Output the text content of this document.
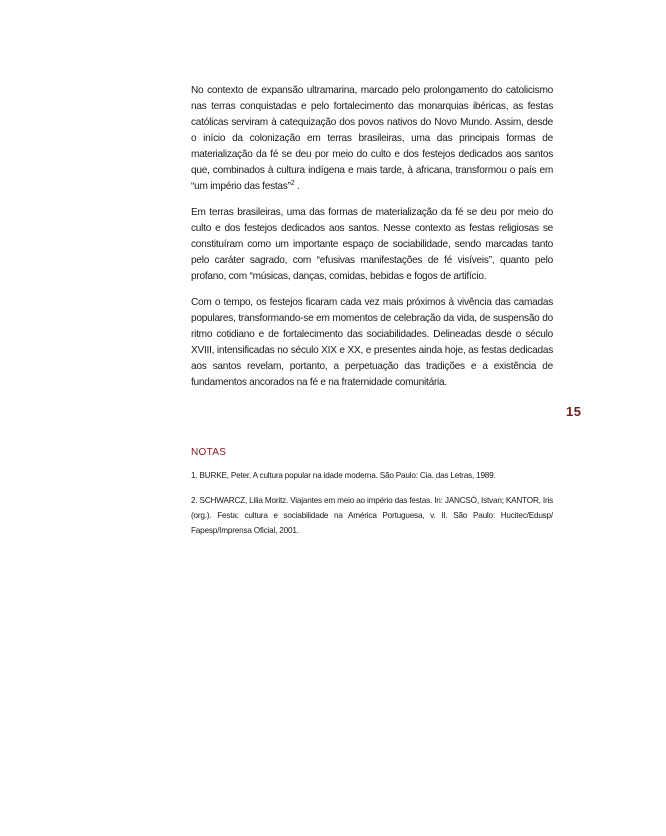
No contexto de expansão ultramarina, marcado pelo prolongamento do catolicismo nas terras conquistadas e pelo fortalecimento das monarquias ibéricas, as festas católicas serviram à catequização dos povos nativos do Novo Mundo. Assim, desde o início da colonização em terras brasileiras, uma das principais formas de materialização da fé se deu por meio do culto e dos festejos dedicados aos santos que, combinados à cultura indígena e mais tarde, à africana, transformou o país em “um império das festas”$^2$ .

Em terras brasileiras, uma das formas de materialização da fé se deu por meio do culto e dos festejos dedicados aos santos. Nesse contexto as festas religiosas se constituíram como um importante espaço de sociabilidade, sendo marcadas tanto pelo caráter sagrado, com “efusivas manifestações de fé visíveis”, quanto pelo profano, com “músicas, danças, comidas, bebidas e fogos de artifício.

Com o tempo, os festejos ficaram cada vez mais próximos à vivência das camadas populares, transformando-se em momentos de celebração da vida, de suspensão do ritmo cotidiano e de fortalecimento das sociabilidades. Delineadas desde o século XVIII, intensificadas no século XIX e XX, e presentes ainda hoje, as festas dedicadas aos santos revelam, portanto, a perpetuação das tradições e a existência de fundamentos ancorados na fé e na fraternidade comunitária.

15
NOTAS

1. BURKE, Peter. A cultura popular na idade moderna. São Paulo: Cia. das Letras, 1989.

2. SCHWARCZ, Lilia Moritz. Viajantes em meio ao império das festas. In: JANCSÓ, Istvan; KANTOR, Iris (org.). Festa: cultura e sociabilidade na América Portuguesa, v. II. São Paulo: Hucitec/Edusp/ Fapesp/Imprensa Oficial, 2001.
